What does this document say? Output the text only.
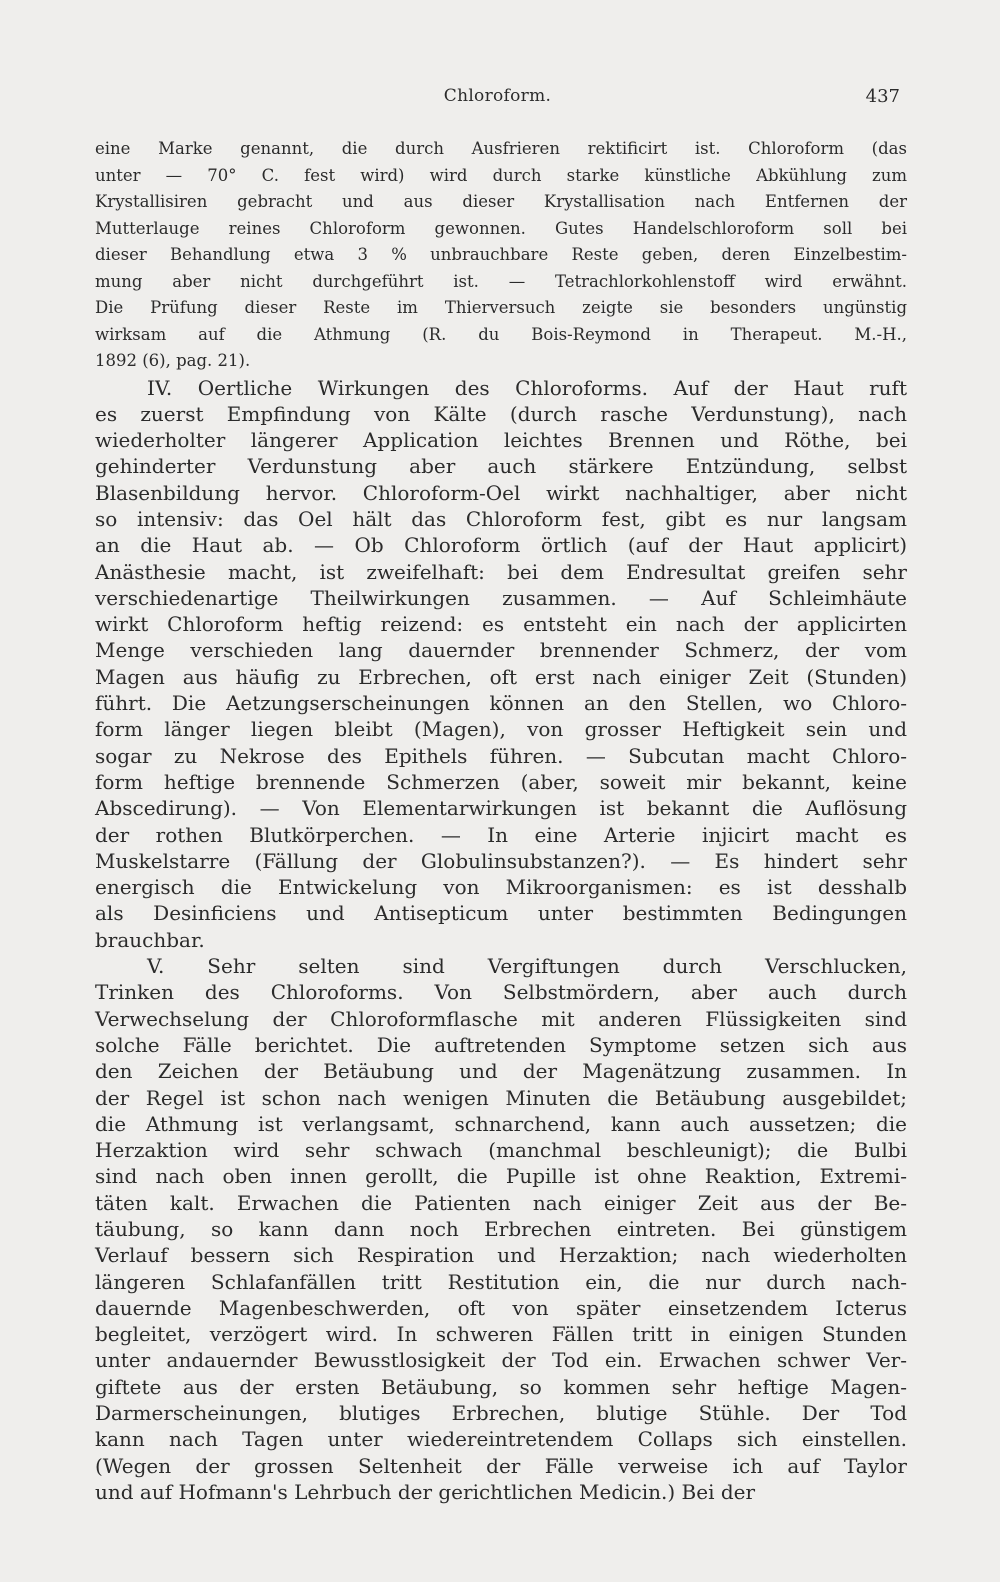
Chloroform.	437
eine Marke genannt, die durch Ausfrieren rektificirt ist. Chloroform (das
unter — 70° C. fest wird) wird durch starke künstliche Abkühlung zum
Krystallisiren gebracht und aus dieser Krystallisation nach Entfernen der
Mutterlauge reines Chloroform gewonnen. Gutes Handelschloroform soll bei
dieser Behandlung etwa 3 % unbrauchbare Reste geben, deren Einzelbestim-
mung aber nicht durchgeführt ist. — Tetrachlorkohlenstoff wird erwähnt.
Die Prüfung dieser Reste im Thierversuch zeigte sie besonders ungünstig
wirksam auf die Athmung (R. du Bois-Reymond in Therapeut. M.-H.,
1892 (6), pag. 21).
IV. Oertliche Wirkungen des Chloroforms. Auf der Haut ruft
es zuerst Empfindung von Kälte (durch rasche Verdunstung), nach
wiederholter längerer Application leichtes Brennen und Röthe, bei
gehinderter Verdunstung aber auch stärkere Entzündung, selbst
Blasenbildung hervor. Chloroform-Oel wirkt nachhaltiger, aber nicht
so intensiv: das Oel hält das Chloroform fest, gibt es nur langsam
an die Haut ab. — Ob Chloroform örtlich (auf der Haut applicirt)
Anästhesie macht, ist zweifelhaft: bei dem Endresultat greifen sehr
verschiedenartige Theilwirkungen zusammen. — Auf Schleimhäute
wirkt Chloroform heftig reizend: es entsteht ein nach der applicirten
Menge verschieden lang dauernder brennender Schmerz, der vom
Magen aus häufig zu Erbrechen, oft erst nach einiger Zeit (Stunden)
führt. Die Aetzungserscheinungen können an den Stellen, wo Chloro-
form länger liegen bleibt (Magen), von grosser Heftigkeit sein und
sogar zu Nekrose des Epithels führen. — Subcutan macht Chloro-
form heftige brennende Schmerzen (aber, soweit mir bekannt, keine
Abscedirung). — Von Elementarwirkungen ist bekannt die Auflösung
der rothen Blutkörperchen. — In eine Arterie injicirt macht es
Muskelstarre (Fällung der Globulinsubstanzen?). — Es hindert sehr
energisch die Entwickelung von Mikroorganismen: es ist desshalb
als Desinficiens und Antisepticum unter bestimmten Bedingungen
brauchbar.
V. Sehr selten sind Vergiftungen durch Verschlucken,
Trinken des Chloroforms. Von Selbstmördern, aber auch durch
Verwechselung der Chloroformflasche mit anderen Flüssigkeiten sind
solche Fälle berichtet. Die auftretenden Symptome setzen sich aus
den Zeichen der Betäubung und der Magenätzung zusammen. In
der Regel ist schon nach wenigen Minuten die Betäubung ausgebildet;
die Athmung ist verlangsamt, schnarchend, kann auch aussetzen; die
Herzaktion wird sehr schwach (manchmal beschleunigt); die Bulbi
sind nach oben innen gerollt, die Pupille ist ohne Reaktion, Extremi-
täten kalt. Erwachen die Patienten nach einiger Zeit aus der Be-
täubung, so kann dann noch Erbrechen eintreten. Bei günstigem
Verlauf bessern sich Respiration und Herzaktion; nach wiederholten
längeren Schlafanfällen tritt Restitution ein, die nur durch nach-
dauernde Magenbeschwerden, oft von später einsetzendem Icterus
begleitet, verzögert wird. In schweren Fällen tritt in einigen Stunden
unter andauernder Bewusstlosigkeit der Tod ein. Erwachen schwer Ver-
giftete aus der ersten Betäubung, so kommen sehr heftige Magen-
Darmerscheinungen, blutiges Erbrechen, blutige Stühle. Der Tod
kann nach Tagen unter wiedereintretendem Collaps sich einstellen.
(Wegen der grossen Seltenheit der Fälle verweise ich auf Taylor
und auf Hofmann's Lehrbuch der gerichtlichen Medicin.) Bei der
